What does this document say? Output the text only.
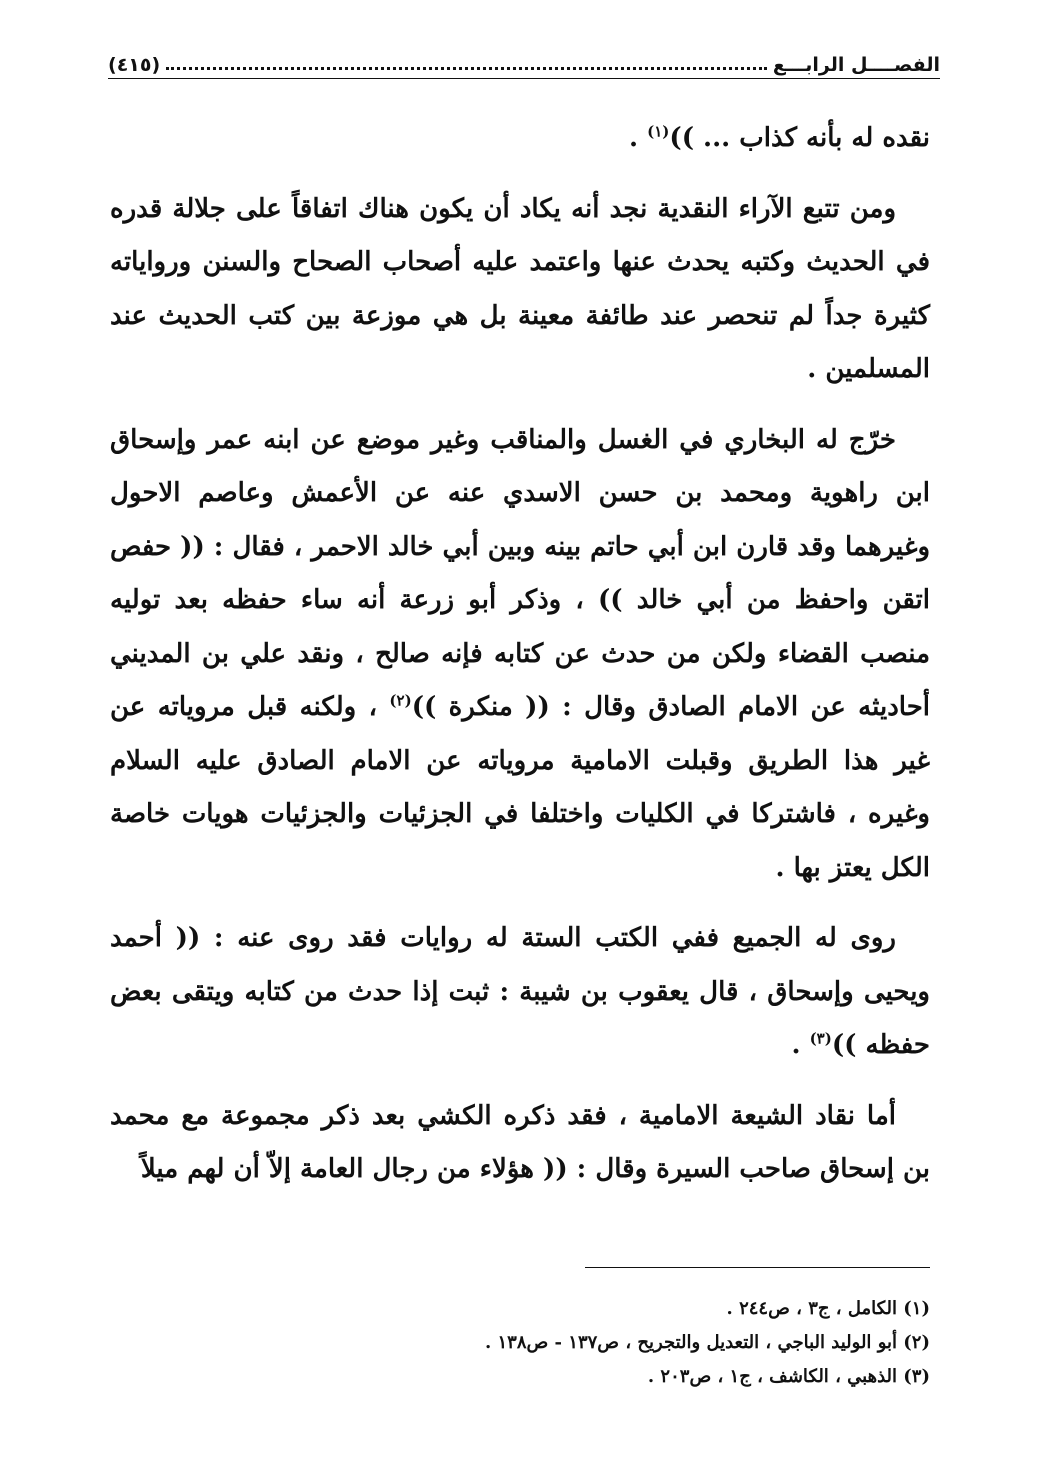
الفصــــل الرابـــع
(٤١٥)

نقده له بأنه كذاب ... ))$^{(١)}$ .

ومن تتبع الآراء النقدية نجد أنه يكاد أن يكون هناك اتفاقاً على جلالة قدره في الحديث وكتبه يحدث عنها واعتمد عليه أصحاب الصحاح والسنن ورواياته كثيرة جداً لم تنحصر عند طائفة معينة بل هي موزعة بين كتب الحديث عند المسلمين .

خرّج له البخاري في الغسل والمناقب وغير موضع عن ابنه عمر وإسحاق ابن راهوية ومحمد بن حسن الاسدي عنه عن الأعمش وعاصم الاحول وغيرهما وقد قارن ابن أبي حاتم بينه وبين أبي خالد الاحمر ، فقال : (( حفص اتقن واحفظ من أبي خالد )) ، وذكر أبو زرعة أنه ساء حفظه بعد توليه منصب القضاء ولكن من حدث عن كتابه فإنه صالح ، ونقد علي بن المديني أحاديثه عن الامام الصادق وقال : (( منكرة ))$^{(٢)}$ ، ولكنه قبل مروياته عن غير هذا الطريق وقبلت الامامية مروياته عن الامام الصادق عليه السلام وغيره ، فاشتركا في الكليات واختلفا في الجزئيات والجزئيات هويات خاصة الكل يعتز بها .

روى له الجميع ففي الكتب الستة له روايات فقد روى عنه : (( أحمد ويحيى وإسحاق ، قال يعقوب بن شيبة : ثبت إذا حدث من كتابه ويتقى بعض حفظه ))$^{(٣)}$ .

أما نقاد الشيعة الامامية ، فقد ذكره الكشي بعد ذكر مجموعة مع محمد بن إسحاق صاحب السيرة وقال : (( هؤلاء من رجال العامة إلاّ أن لهم ميلاً

(١) الكامل ، ج٣ ، ص٢٤٤ .
(٢) أبو الوليد الباجي ، التعديل والتجريح ، ص١٣٧ - ص١٣٨ .
(٣) الذهبي ، الكاشف ، ج١ ، ص٢٠٣ .
